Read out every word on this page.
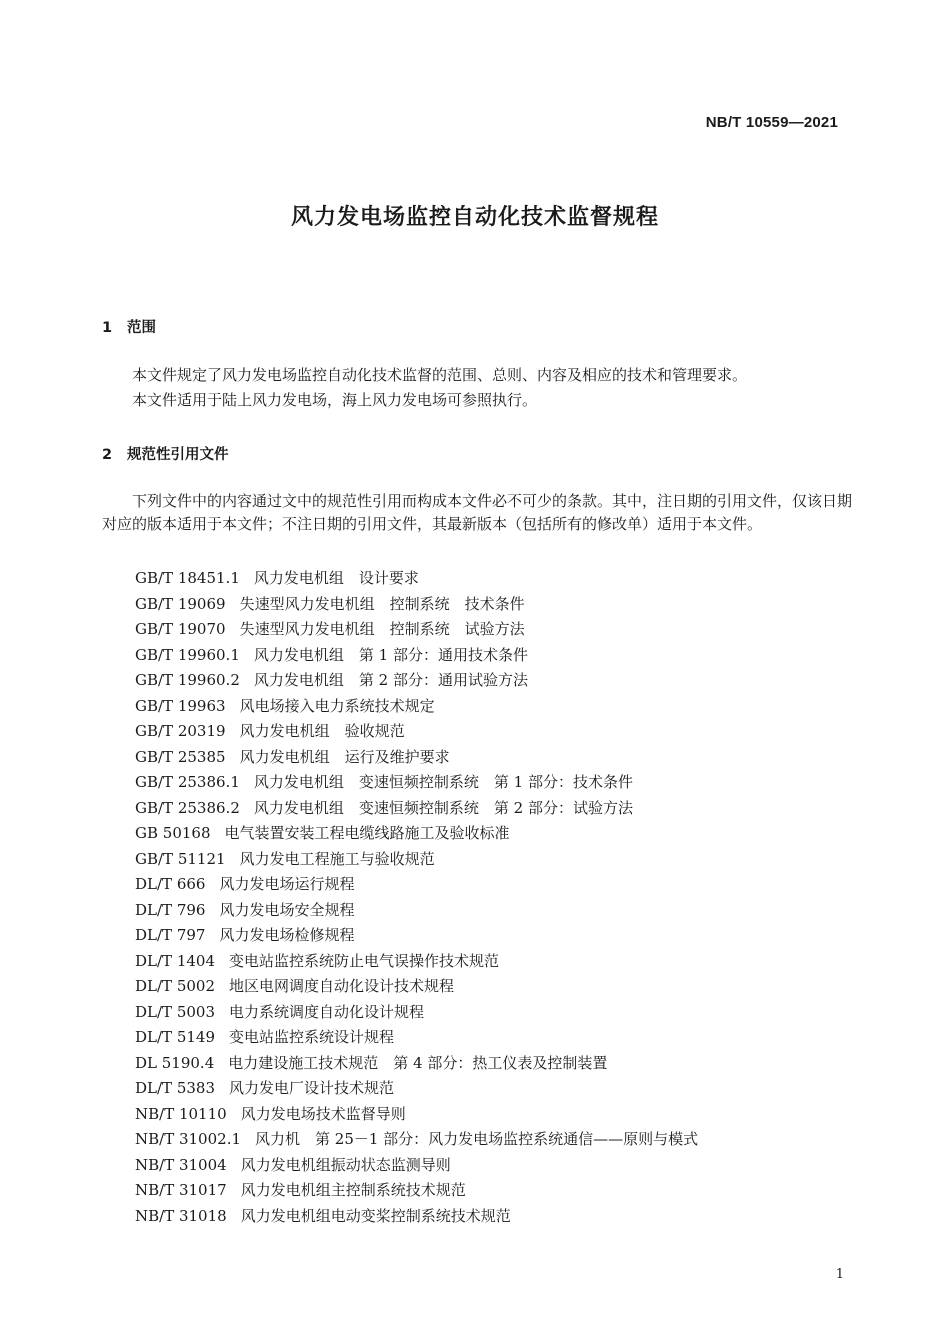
NB/T 10559—2021
风力发电场监控自动化技术监督规程
1 范围
本文件规定了风力发电场监控自动化技术监督的范围、总则、内容及相应的技术和管理要求。
本文件适用于陆上风力发电场，海上风力发电场可参照执行。
2 规范性引用文件
下列文件中的内容通过文中的规范性引用而构成本文件必不可少的条款。其中，注日期的引用文件，仅该日期对应的版本适用于本文件；不注日期的引用文件，其最新版本（包括所有的修改单）适用于本文件。
GB/T 18451.1 风力发电机组　设计要求
GB/T 19069 失速型风力发电机组　控制系统　技术条件
GB/T 19070 失速型风力发电机组　控制系统　试验方法
GB/T 19960.1 风力发电机组　第 1 部分：通用技术条件
GB/T 19960.2 风力发电机组　第 2 部分：通用试验方法
GB/T 19963 风电场接入电力系统技术规定
GB/T 20319 风力发电机组　验收规范
GB/T 25385 风力发电机组　运行及维护要求
GB/T 25386.1 风力发电机组　变速恒频控制系统　第 1 部分：技术条件
GB/T 25386.2 风力发电机组　变速恒频控制系统　第 2 部分：试验方法
GB 50168 电气装置安装工程电缆线路施工及验收标准
GB/T 51121 风力发电工程施工与验收规范
DL/T 666 风力发电场运行规程
DL/T 796 风力发电场安全规程
DL/T 797 风力发电场检修规程
DL/T 1404 变电站监控系统防止电气误操作技术规范
DL/T 5002 地区电网调度自动化设计技术规程
DL/T 5003 电力系统调度自动化设计规程
DL/T 5149 变电站监控系统设计规程
DL 5190.4 电力建设施工技术规范　第 4 部分：热工仪表及控制装置
DL/T 5383 风力发电厂设计技术规范
NB/T 10110 风力发电场技术监督导则
NB/T 31002.1 风力机　第 25－1 部分：风力发电场监控系统通信——原则与模式
NB/T 31004 风力发电机组振动状态监测导则
NB/T 31017 风力发电机组主控制系统技术规范
NB/T 31018 风力发电机组电动变桨控制系统技术规范
1
